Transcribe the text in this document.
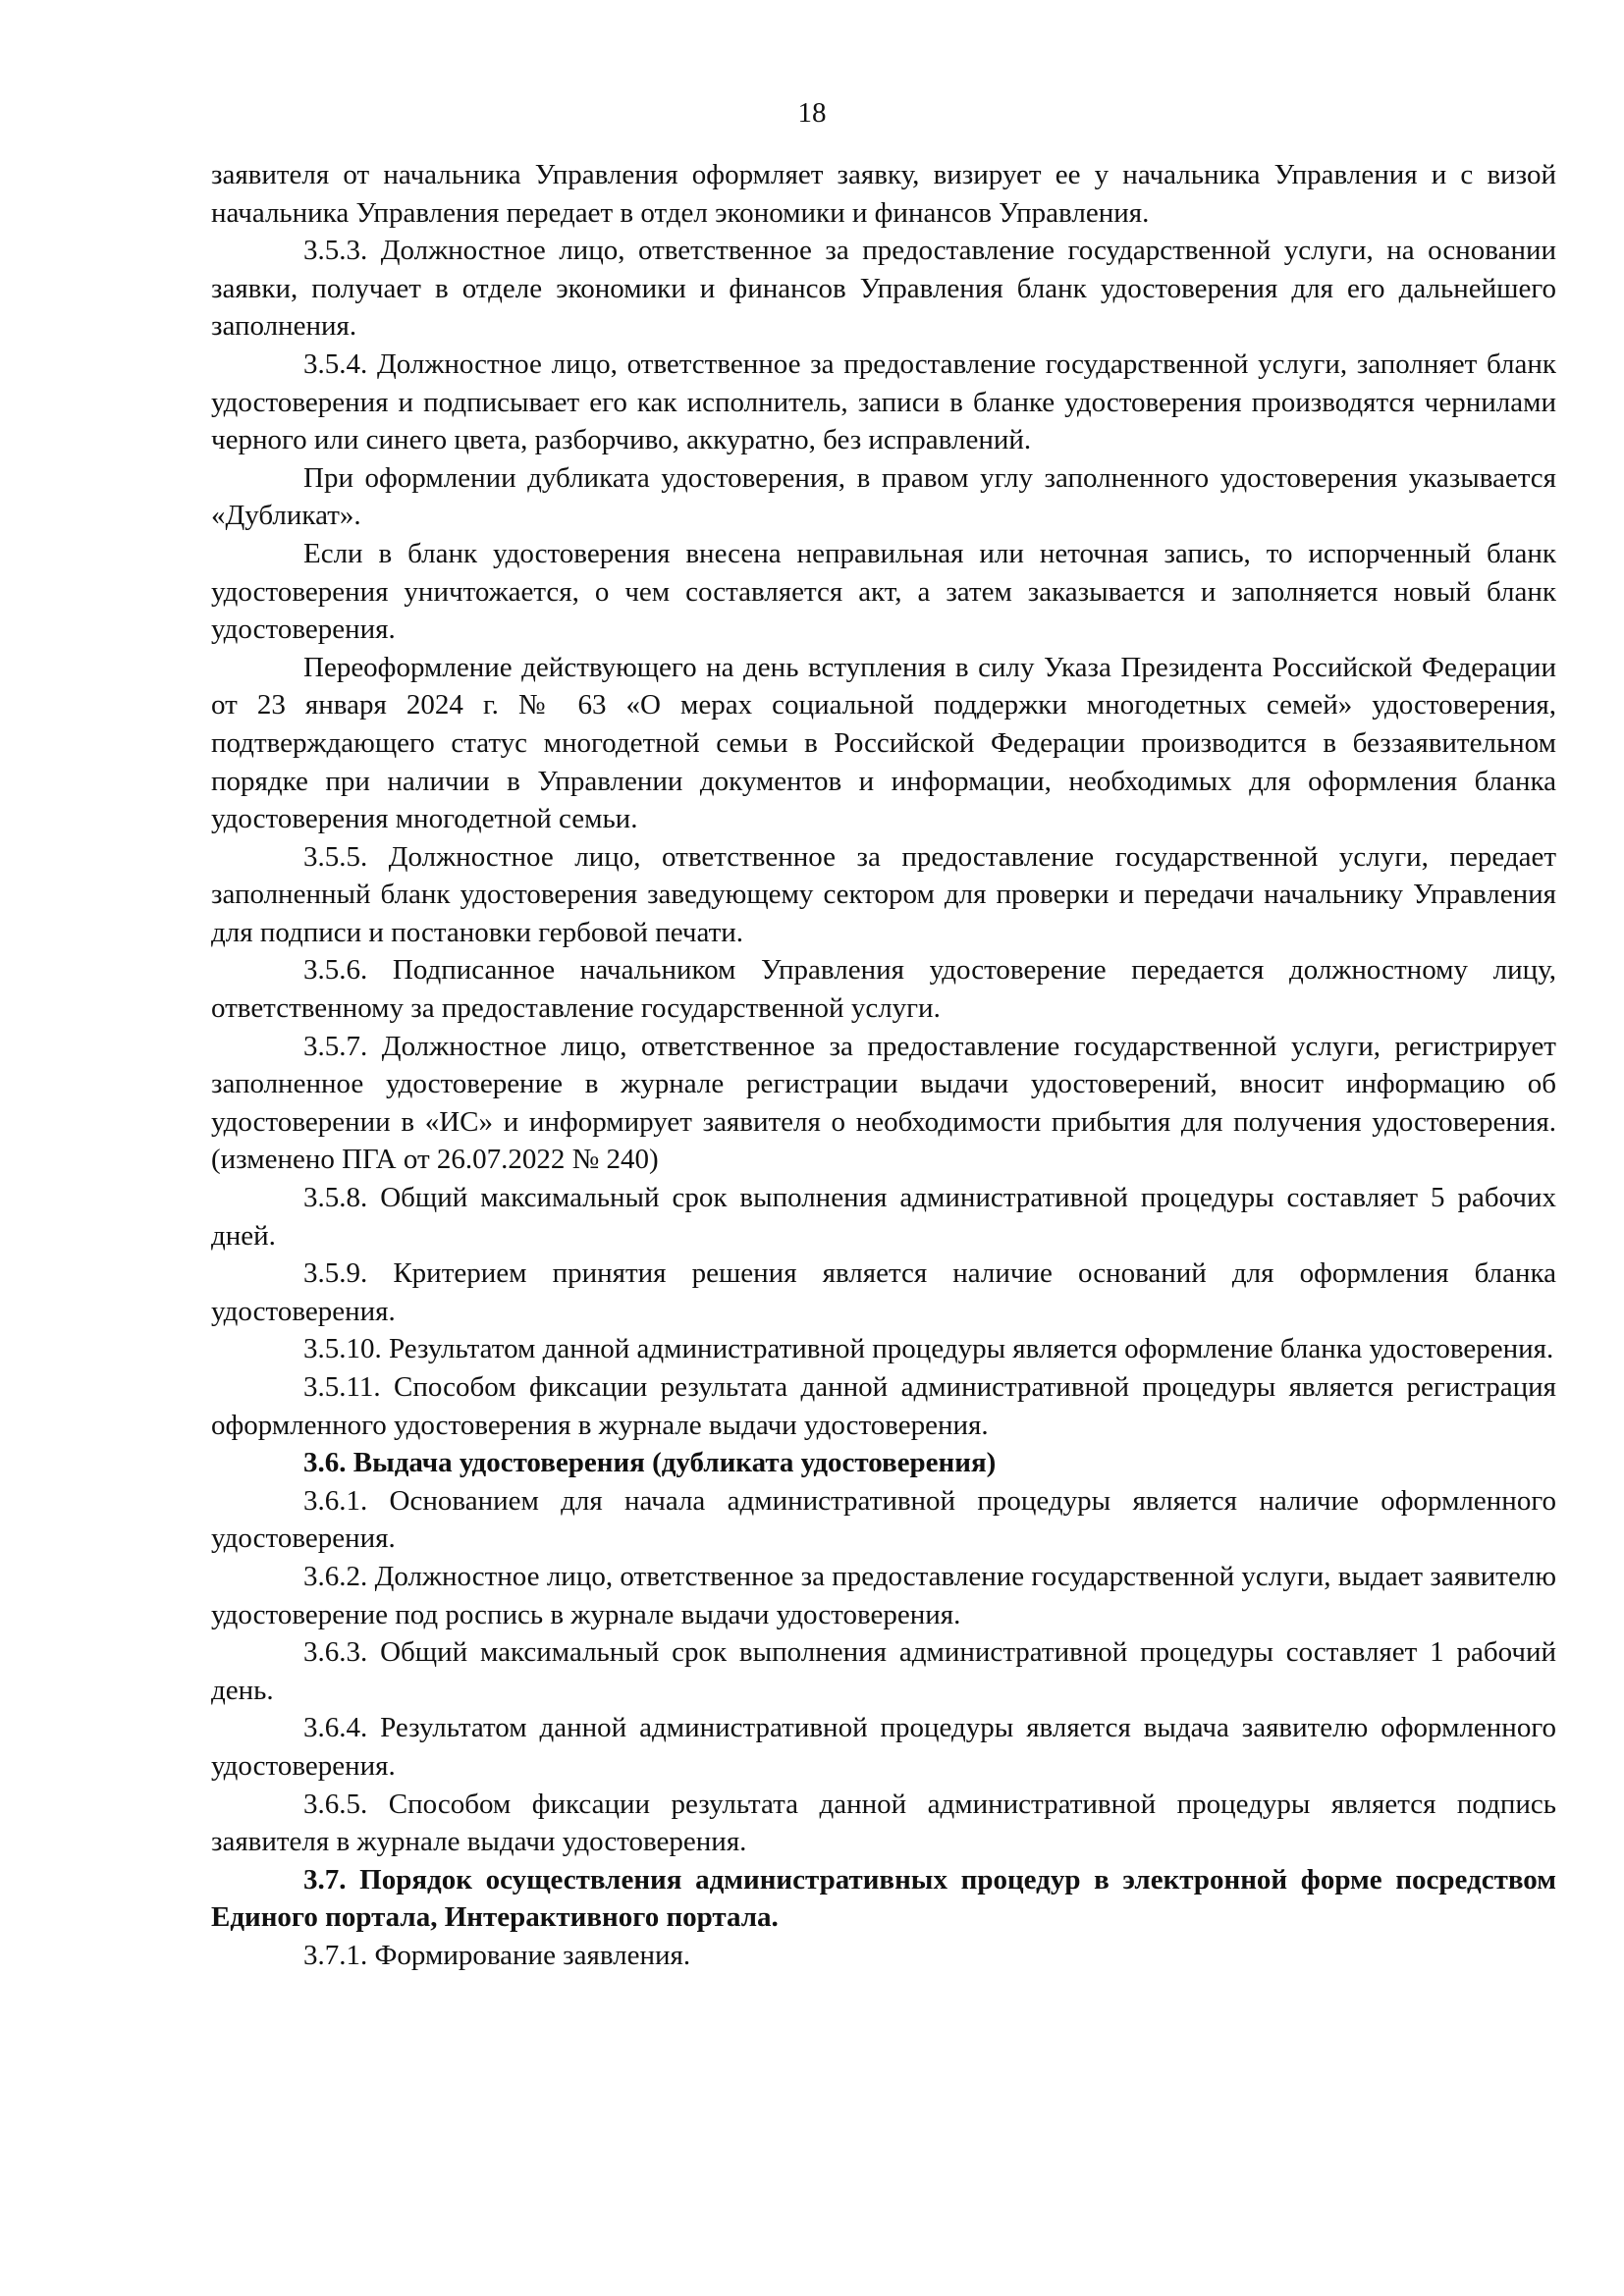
18

заявителя от начальника Управления оформляет заявку, визирует ее у начальника Управления и с визой начальника Управления передает в отдел экономики и финансов Управления.

3.5.3. Должностное лицо, ответственное за предоставление государственной услуги, на основании заявки, получает в отделе экономики и финансов Управления бланк удостоверения для его дальнейшего заполнения.

3.5.4. Должностное лицо, ответственное за предоставление государственной услуги, заполняет бланк удостоверения и подписывает его как исполнитель, записи в бланке удостоверения производятся чернилами черного или синего цвета, разборчиво, аккуратно, без исправлений.

При оформлении дубликата удостоверения, в правом углу заполненного удостоверения указывается «Дубликат».

Если в бланк удостоверения внесена неправильная или неточная запись, то испорченный бланк удостоверения уничтожается, о чем составляется акт, а затем заказывается и заполняется новый бланк удостоверения.

Переоформление действующего на день вступления в силу Указа Президента Российской Федерации от 23 января 2024 г. № 63 «О мерах социальной поддержки многодетных семей» удостоверения, подтверждающего статус многодетной семьи в Российской Федерации производится в беззаявительном порядке при наличии в Управлении документов и информации, необходимых для оформления бланка удостоверения многодетной семьи.

3.5.5. Должностное лицо, ответственное за предоставление государственной услуги, передает заполненный бланк удостоверения заведующему сектором для проверки и передачи начальнику Управления для подписи и постановки гербовой печати.

3.5.6. Подписанное начальником Управления удостоверение передается должностному лицу, ответственному за предоставление государственной услуги.

3.5.7. Должностное лицо, ответственное за предоставление государственной услуги, регистрирует заполненное удостоверение в журнале регистрации выдачи удостоверений, вносит информацию об удостоверении в «ИС» и информирует заявителя о необходимости прибытия для получения удостоверения. (изменено ПГА от 26.07.2022 № 240)

3.5.8. Общий максимальный срок выполнения административной процедуры составляет 5 рабочих дней.

3.5.9. Критерием принятия решения является наличие оснований для оформления бланка удостоверения.

3.5.10. Результатом данной административной процедуры является оформление бланка удостоверения.

3.5.11. Способом фиксации результата данной административной процедуры является регистрация оформленного удостоверения в журнале выдачи удостоверения.

3.6. Выдача удостоверения (дубликата удостоверения)

3.6.1. Основанием для начала административной процедуры является наличие оформленного удостоверения.

3.6.2. Должностное лицо, ответственное за предоставление государственной услуги, выдает заявителю удостоверение под роспись в журнале выдачи удостоверения.

3.6.3. Общий максимальный срок выполнения административной процедуры составляет 1 рабочий день.

3.6.4. Результатом данной административной процедуры является выдача заявителю оформленного удостоверения.

3.6.5. Способом фиксации результата данной административной процедуры является подпись заявителя в журнале выдачи удостоверения.

3.7. Порядок осуществления административных процедур в электронной форме посредством Единого портала, Интерактивного портала.

3.7.1. Формирование заявления.
